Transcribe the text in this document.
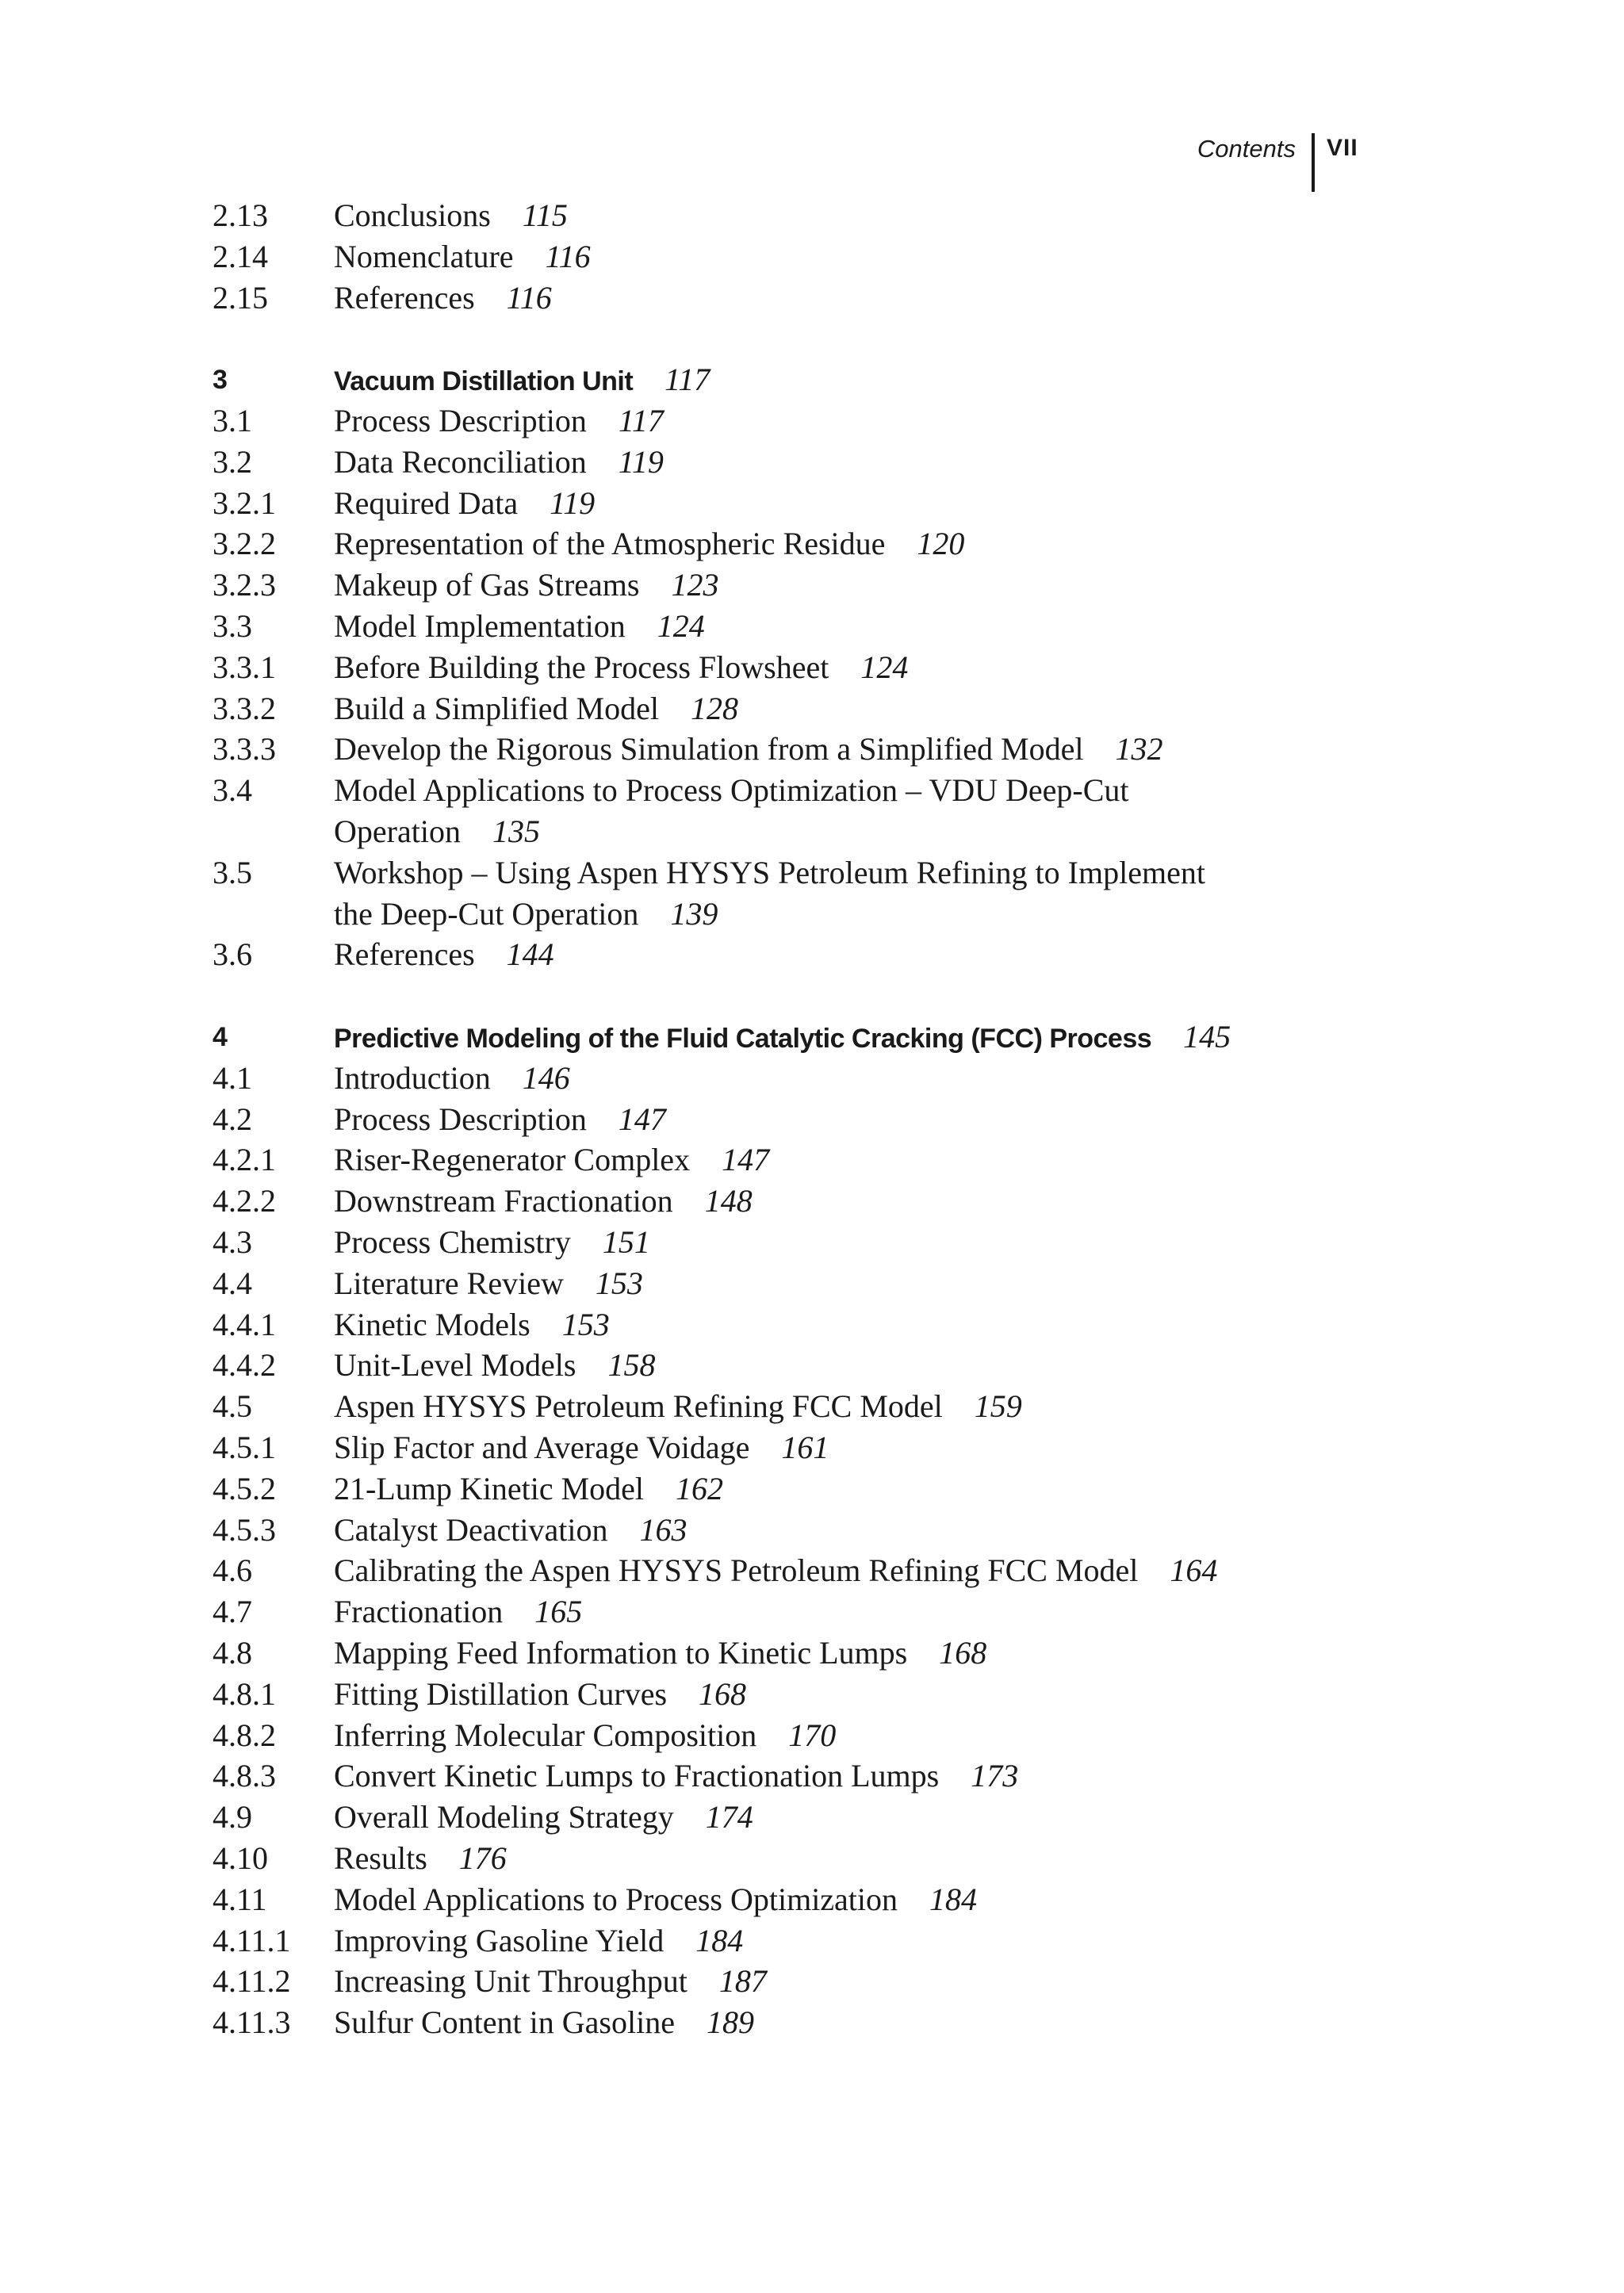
Contents VII
2.13 Conclusions 115
2.14 Nomenclature 116
2.15 References 116
3	Vacuum Distillation Unit 117
3.1	Process Description 117
3.2	Data Reconciliation 119
3.2.1 Required Data 119
3.2.2 Representation of the Atmospheric Residue 120
3.2.3 Makeup of Gas Streams 123
3.3	Model Implementation 124
3.3.1 Before Building the Process Flowsheet 124
3.3.2 Build a Simplified Model 128
3.3.3 Develop the Rigorous Simulation from a Simplified Model 132
3.4	Model Applications to Process Optimization – VDU Deep-Cut
Operation 135
3.5	Workshop – Using Aspen HYSYS Petroleum Refining to Implement
the Deep-Cut Operation 139
3.6	References 144
4	Predictive Modeling of the Fluid Catalytic Cracking (FCC) Process 145
4.1	Introduction 146
4.2	Process Description 147
4.2.1 Riser-Regenerator Complex 147
4.2.2 Downstream Fractionation 148
4.3	Process Chemistry 151
4.4	Literature Review 153
4.4.1 Kinetic Models 153
4.4.2 Unit-Level Models 158
4.5	Aspen HYSYS Petroleum Refining FCC Model 159
4.5.1 Slip Factor and Average Voidage 161
4.5.2 21-Lump Kinetic Model 162
4.5.3 Catalyst Deactivation 163
4.6	Calibrating the Aspen HYSYS Petroleum Refining FCC Model 164
4.7	Fractionation 165
4.8	Mapping Feed Information to Kinetic Lumps 168
4.8.1 Fitting Distillation Curves 168
4.8.2 Inferring Molecular Composition 170
4.8.3 Convert Kinetic Lumps to Fractionation Lumps 173
4.9	Overall Modeling Strategy 174
4.10 Results 176
4.11 Model Applications to Process Optimization 184
4.11.1 Improving Gasoline Yield 184
4.11.2 Increasing Unit Throughput 187
4.11.3 Sulfur Content in Gasoline 189
